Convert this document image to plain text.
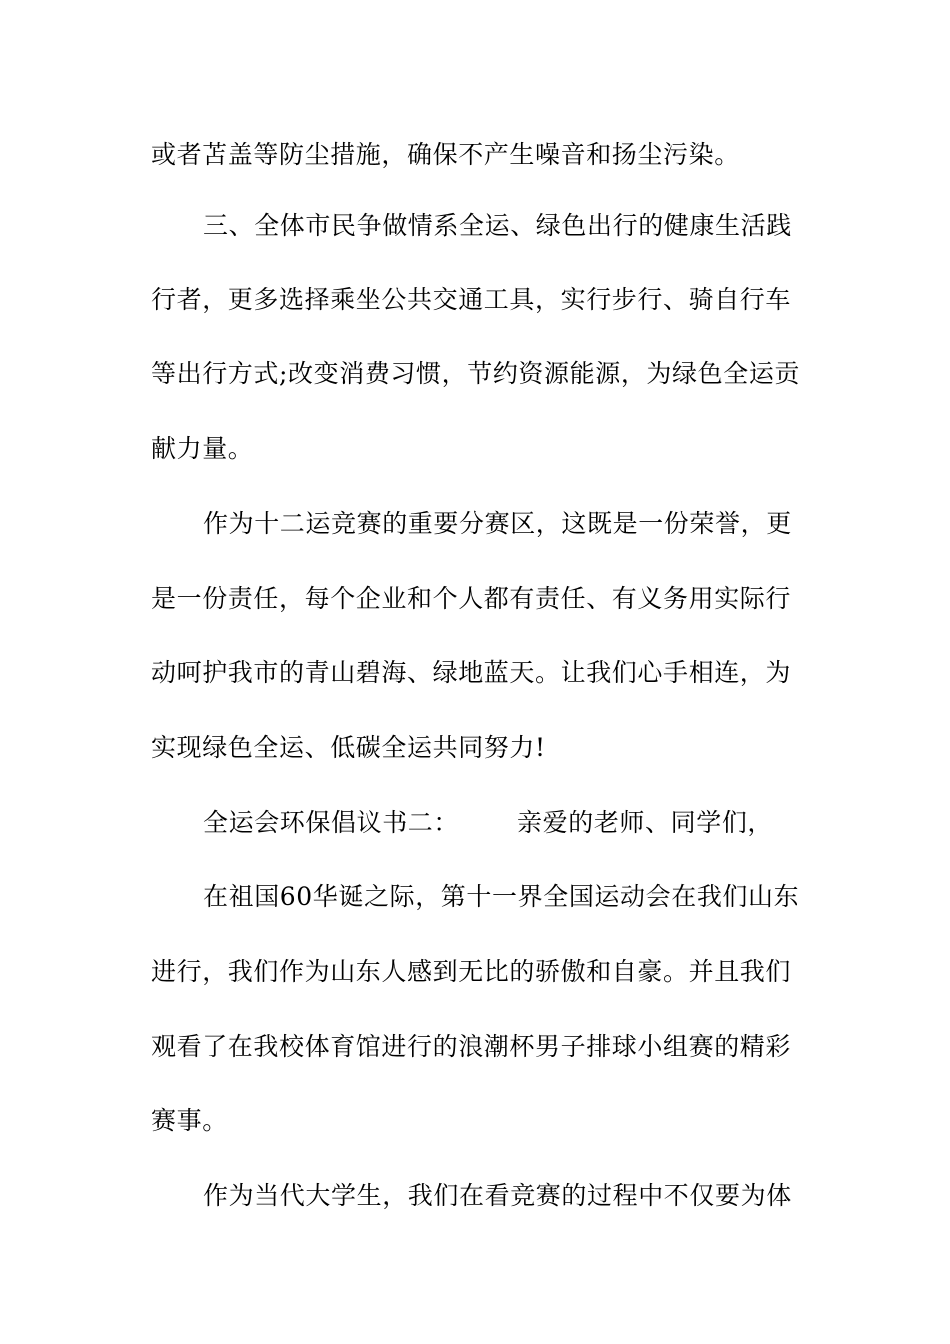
或者苫盖等防尘措施，确保不产生噪音和扬尘污染。
三、全体市民争做情系全运、绿色出行的健康生活践
行者，更多选择乘坐公共交通工具，实行步行、骑自行车
等出行方式;改变消费习惯，节约资源能源，为绿色全运贡
献力量。
作为十二运竞赛的重要分赛区，这既是一份荣誉，更
是一份责任，每个企业和个人都有责任、有义务用实际行
动呵护我市的青山碧海、绿地蓝天。让我们心手相连，为
实现绿色全运、低碳全运共同努力!
全运会环保倡议书二： 亲爱的老师、同学们，
在祖国60华诞之际，第十一界全国运动会在我们山东
进行，我们作为山东人感到无比的骄傲和自豪。并且我们
观看了在我校体育馆进行的浪潮杯男子排球小组赛的精彩
赛事。
作为当代大学生，我们在看竞赛的过程中不仅要为体
